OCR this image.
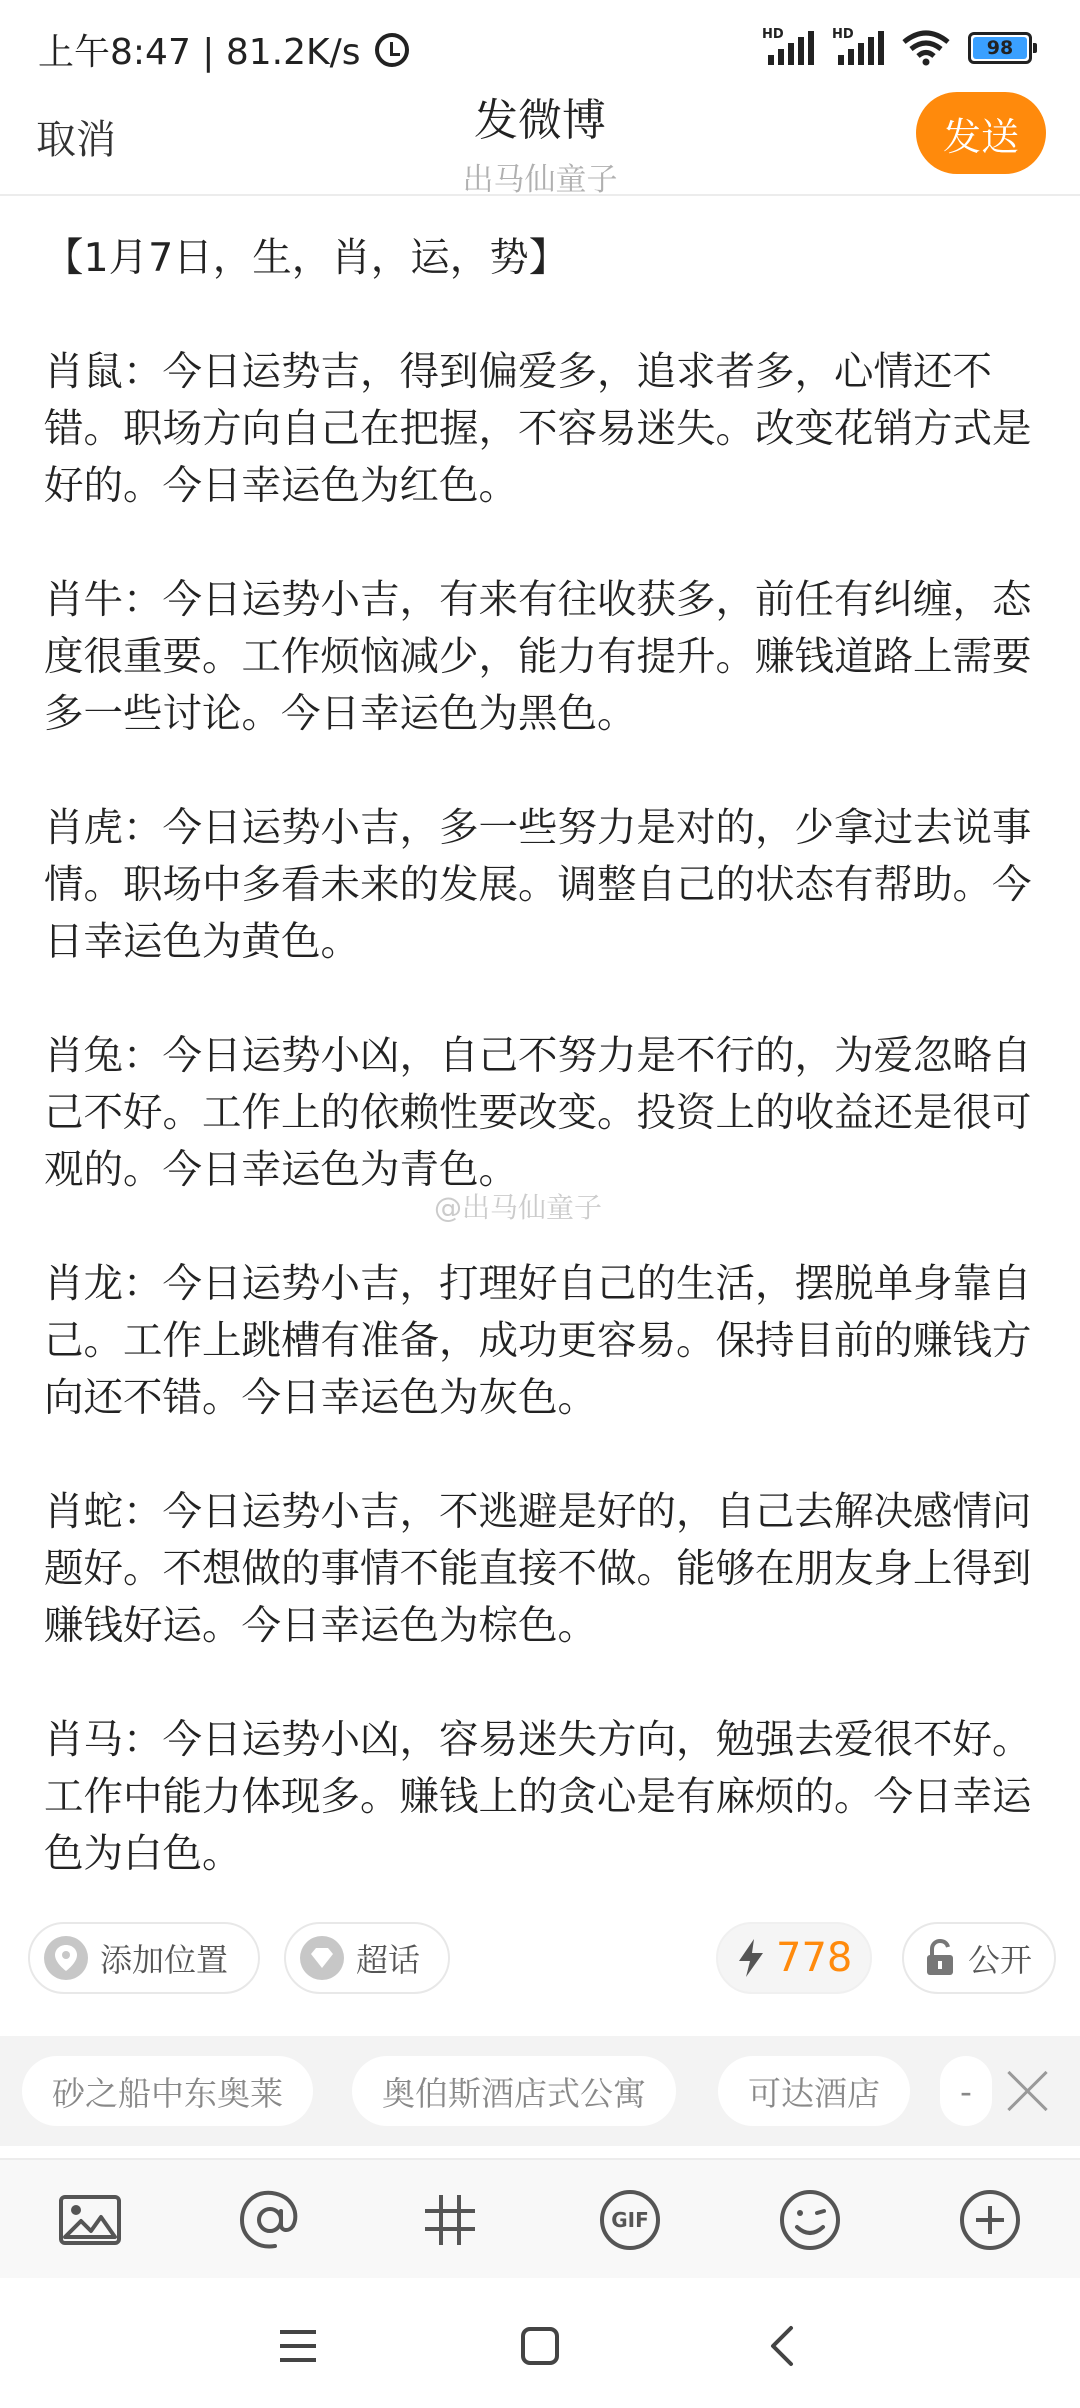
上午8:47 | 81.2K/s	HD	HD
98
取消	发微博
出马仙童子
发送

【1月7日，生，肖，运，势】

肖鼠：今日运势吉，得到偏爱多，追求者多，心情还不错。职场方向自己在把握，不容易迷失。改变花销方式是好的。今日幸运色为红色。

肖牛：今日运势小吉，有来有往收获多，前任有纠缠，态度很重要。工作烦恼减少，能力有提升。赚钱道路上需要多一些讨论。今日幸运色为黑色。

肖虎：今日运势小吉，多一些努力是对的，少拿过去说事情。职场中多看未来的发展。调整自己的状态有帮助。今日幸运色为黄色。

肖兔：今日运势小凶，自己不努力是不行的，为爱忽略自己不好。工作上的依赖性要改变。投资上的收益还是很可观的。今日幸运色为青色。

肖龙：今日运势小吉，打理好自己的生活，摆脱单身靠自己。工作上跳槽有准备，成功更容易。保持目前的赚钱方向还不错。今日幸运色为灰色。

肖蛇：今日运势小吉，不逃避是好的，自己去解决感情问题好。不想做的事情不能直接不做。能够在朋友身上得到赚钱好运。今日幸运色为棕色。

肖马：今日运势小凶，容易迷失方向，勉强去爱很不好。工作中能力体现多。赚钱上的贪心是有麻烦的。今日幸运色为白色。

@出马仙童子
添加位置	超话	778	公开
砂之船中东奥莱	奥伯斯酒店式公寓	可达酒店	-
GIF
